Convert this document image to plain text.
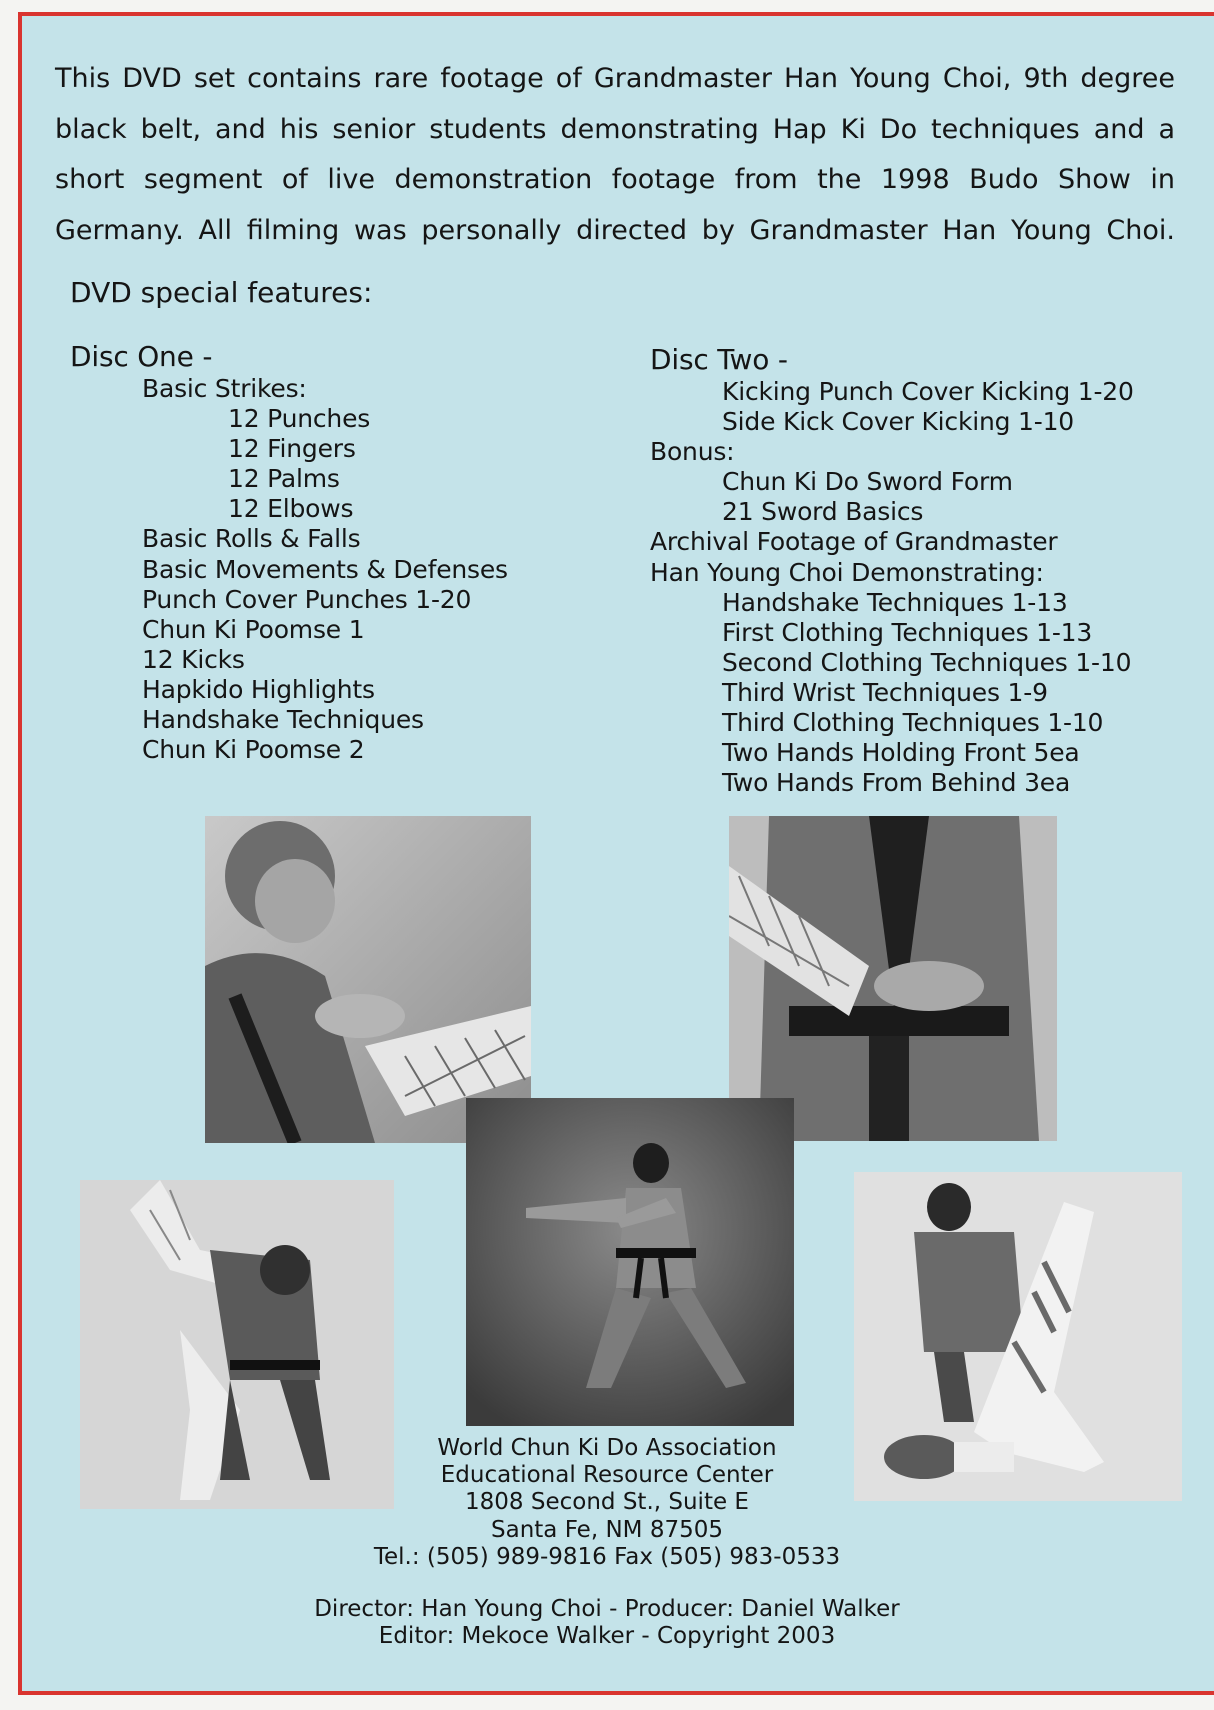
This DVD set contains rare footage of Grandmaster Han Young Choi, 9th degree black belt, and his senior students demonstrating Hap Ki Do techniques and a short segment of live demonstration footage from the 1998 Budo Show in Germany. All filming was personally directed by Grandmaster Han Young Choi.

DVD special features:
Disc One -
Basic Strikes:
12 Punches
12 Fingers
12 Palms
12 Elbows
Basic Rolls & Falls
Basic Movements & Defenses
Punch Cover Punches 1-20
Chun Ki Poomse 1
12 Kicks
Hapkido Highlights
Handshake Techniques
Chun Ki Poomse 2
Disc Two -
Kicking Punch Cover Kicking 1-20
Side Kick Cover Kicking 1-10
Bonus:
Chun Ki Do Sword Form
21 Sword Basics
Archival Footage of Grandmaster
Han Young Choi Demonstrating:
Handshake Techniques 1-13
First Clothing Techniques 1-13
Second Clothing Techniques 1-10
Third Wrist Techniques 1-9
Third Clothing Techniques 1-10
Two Hands Holding Front 5ea
Two Hands From Behind 3ea
World Chun Ki Do Association
Educational Resource Center
1808 Second St., Suite E
Santa Fe, NM 87505
Tel.: (505) 989-9816 Fax (505) 983-0533
Director: Han Young Choi - Producer: Daniel Walker
Editor: Mekoce Walker - Copyright 2003
